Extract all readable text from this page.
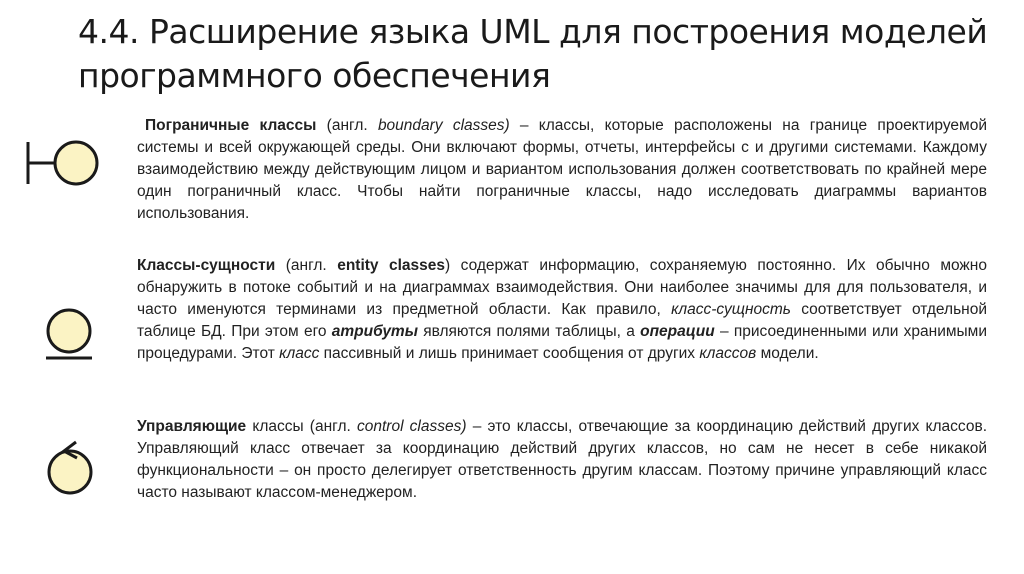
4.4. Расширение языка UML для построения моделей программного обеспечения
Пограничные классы (англ. boundary classes) – классы, которые расположены на границе проектируемой системы и всей окружающей среды. Они включают формы, отчеты, интерфейсы с и другими системами. Каждому взаимодействию между действующим лицом и вариантом использования должен соответствовать по крайней мере один пограничный класс. Чтобы найти пограничные классы, надо исследовать диаграммы вариантов использования.
Классы-сущности (англ. entity classes) содержат информацию, сохраняемую постоянно. Их обычно можно обнаружить в потоке событий и на диаграммах взаимодействия. Они наиболее значимы для для пользователя, и часто именуются терминами из предметной области. Как правило, класс-сущность соответствует отдельной таблице БД. При этом его атрибуты являются полями таблицы, а операции – присоединенными или хранимыми процедурами. Этот класс пассивный и лишь принимает сообщения от других классов модели.
Управляющие классы (англ. control classes) – это классы, отвечающие за координацию действий других классов. Управляющий класс отвечает за координацию действий других классов, но сам не несет в себе никакой функциональности – он просто делегирует ответственность другим классам. Поэтому причине управляющий класс часто называют классом-менеджером.
